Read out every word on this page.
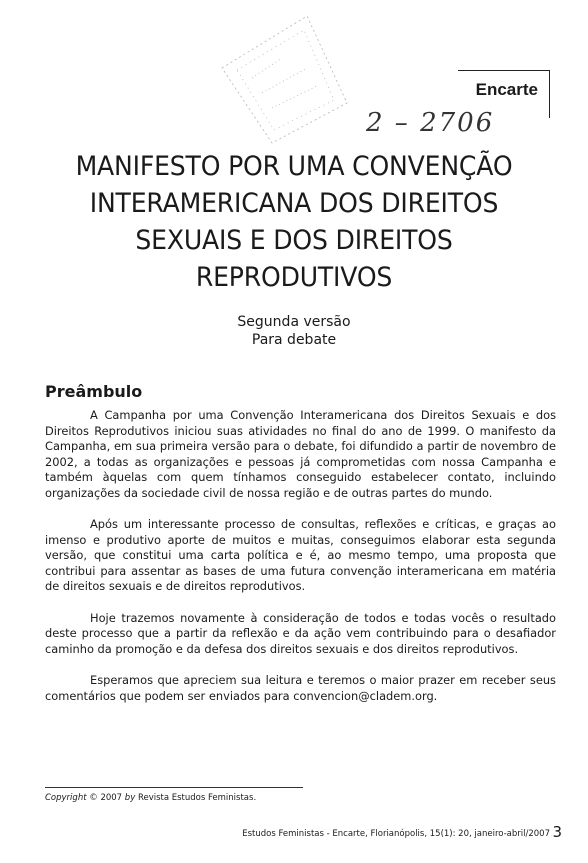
Encarte
2 – 2706
MANIFESTO POR UMA CONVENÇÃO INTERAMERICANA DOS DIREITOS SEXUAIS E DOS DIREITOS REPRODUTIVOS
Segunda versão
Para debate
Preâmbulo

A Campanha por uma Convenção Interamericana dos Direitos Sexuais e dos Direitos Reprodutivos iniciou suas atividades no final do ano de 1999. O manifesto da Campanha, em sua primeira versão para o debate, foi difundido a partir de novembro de 2002, a todas as organizações e pessoas já comprometidas com nossa Campanha e também àquelas com quem tínhamos conseguido estabelecer contato, incluindo organizações da sociedade civil de nossa região e de outras partes do mundo.

Após um interessante processo de consultas, reflexões e críticas, e graças ao imenso e produtivo aporte de muitos e muitas, conseguimos elaborar esta segunda versão, que constitui uma carta política e é, ao mesmo tempo, uma proposta que contribui para assentar as bases de uma futura convenção interamericana em matéria de direitos sexuais e de direitos reprodutivos.

Hoje trazemos novamente à consideração de todos e todas vocês o resultado deste processo que a partir da reflexão e da ação vem contribuindo para o desafiador caminho da promoção e da defesa dos direitos sexuais e dos direitos reprodutivos.

Esperamos que apreciem sua leitura e teremos o maior prazer em receber seus comentários que podem ser enviados para convencion@cladem.org.

Copyright © 2007 by Revista Estudos Feministas.
Estudos Feministas - Encarte, Florianópolis, 15(1): 20, janeiro-abril/2007 3
